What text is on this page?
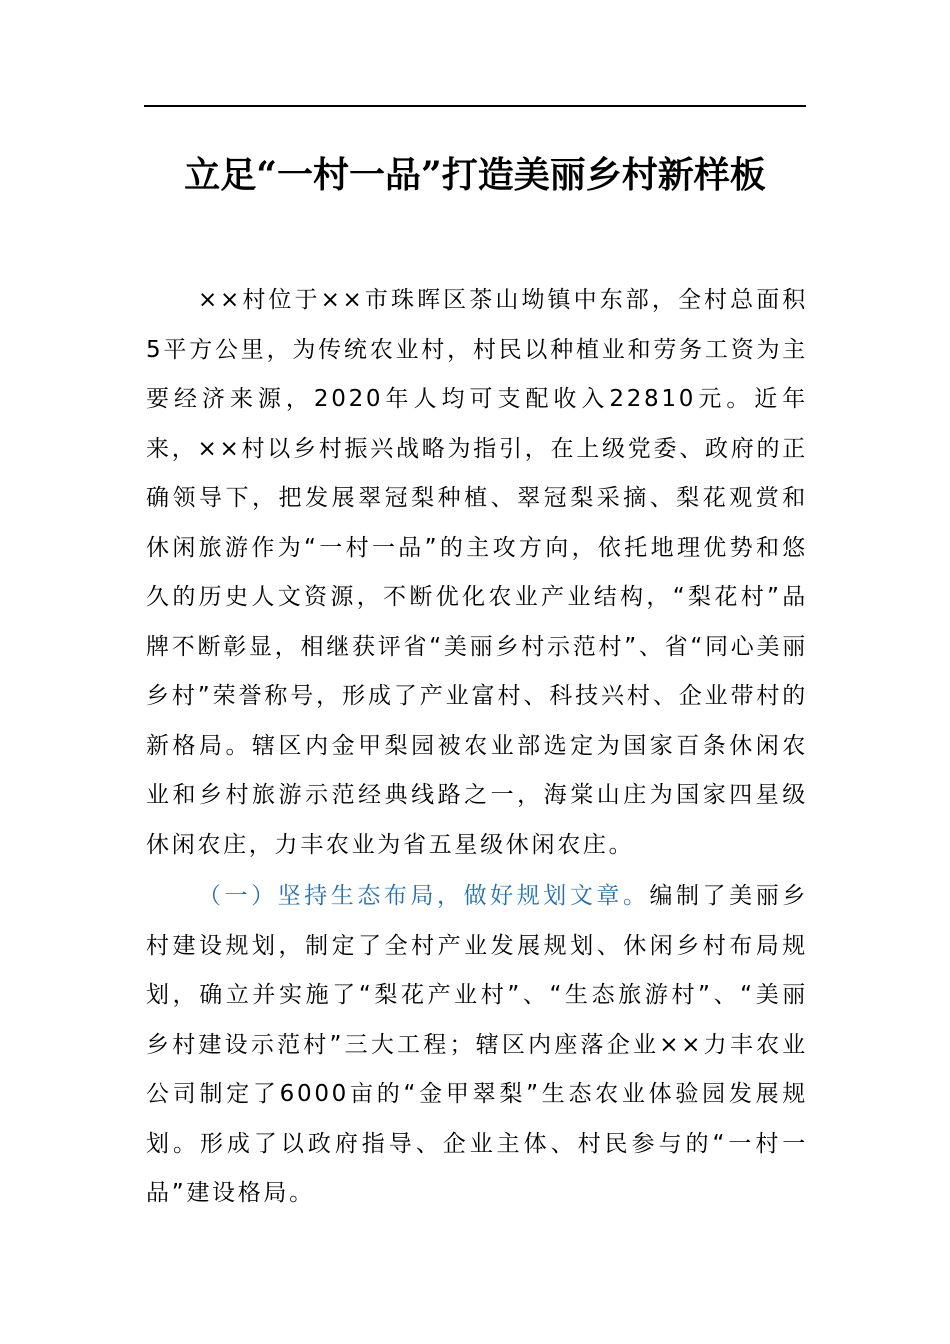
立足“一村一品”打造美丽乡村新样板

××村位于××市珠晖区茶山坳镇中东部，全村总面积5平方公里，为传统农业村，村民以种植业和劳务工资为主要经济来源，2020年人均可支配收入22810元。近年来，××村以乡村振兴战略为指引，在上级党委、政府的正确领导下，把发展翠冠梨种植、翠冠梨采摘、梨花观赏和休闲旅游作为“一村一品”的主攻方向，依托地理优势和悠久的历史人文资源，不断优化农业产业结构，“梨花村”品牌不断彰显，相继获评省“美丽乡村示范村”、省“同心美丽乡村”荣誉称号，形成了产业富村、科技兴村、企业带村的新格局。辖区内金甲梨园被农业部选定为国家百条休闲农业和乡村旅游示范经典线路之一，海棠山庄为国家四星级休闲农庄，力丰农业为省五星级休闲农庄。

（一）坚持生态布局，做好规划文章。编制了美丽乡村建设规划，制定了全村产业发展规划、休闲乡村布局规划，确立并实施了“梨花产业村”、“生态旅游村”、“美丽乡村建设示范村”三大工程；辖区内座落企业××力丰农业公司制定了6000亩的“金甲翠梨”生态农业体验园发展规划。形成了以政府指导、企业主体、村民参与的“一村一品”建设格局。
